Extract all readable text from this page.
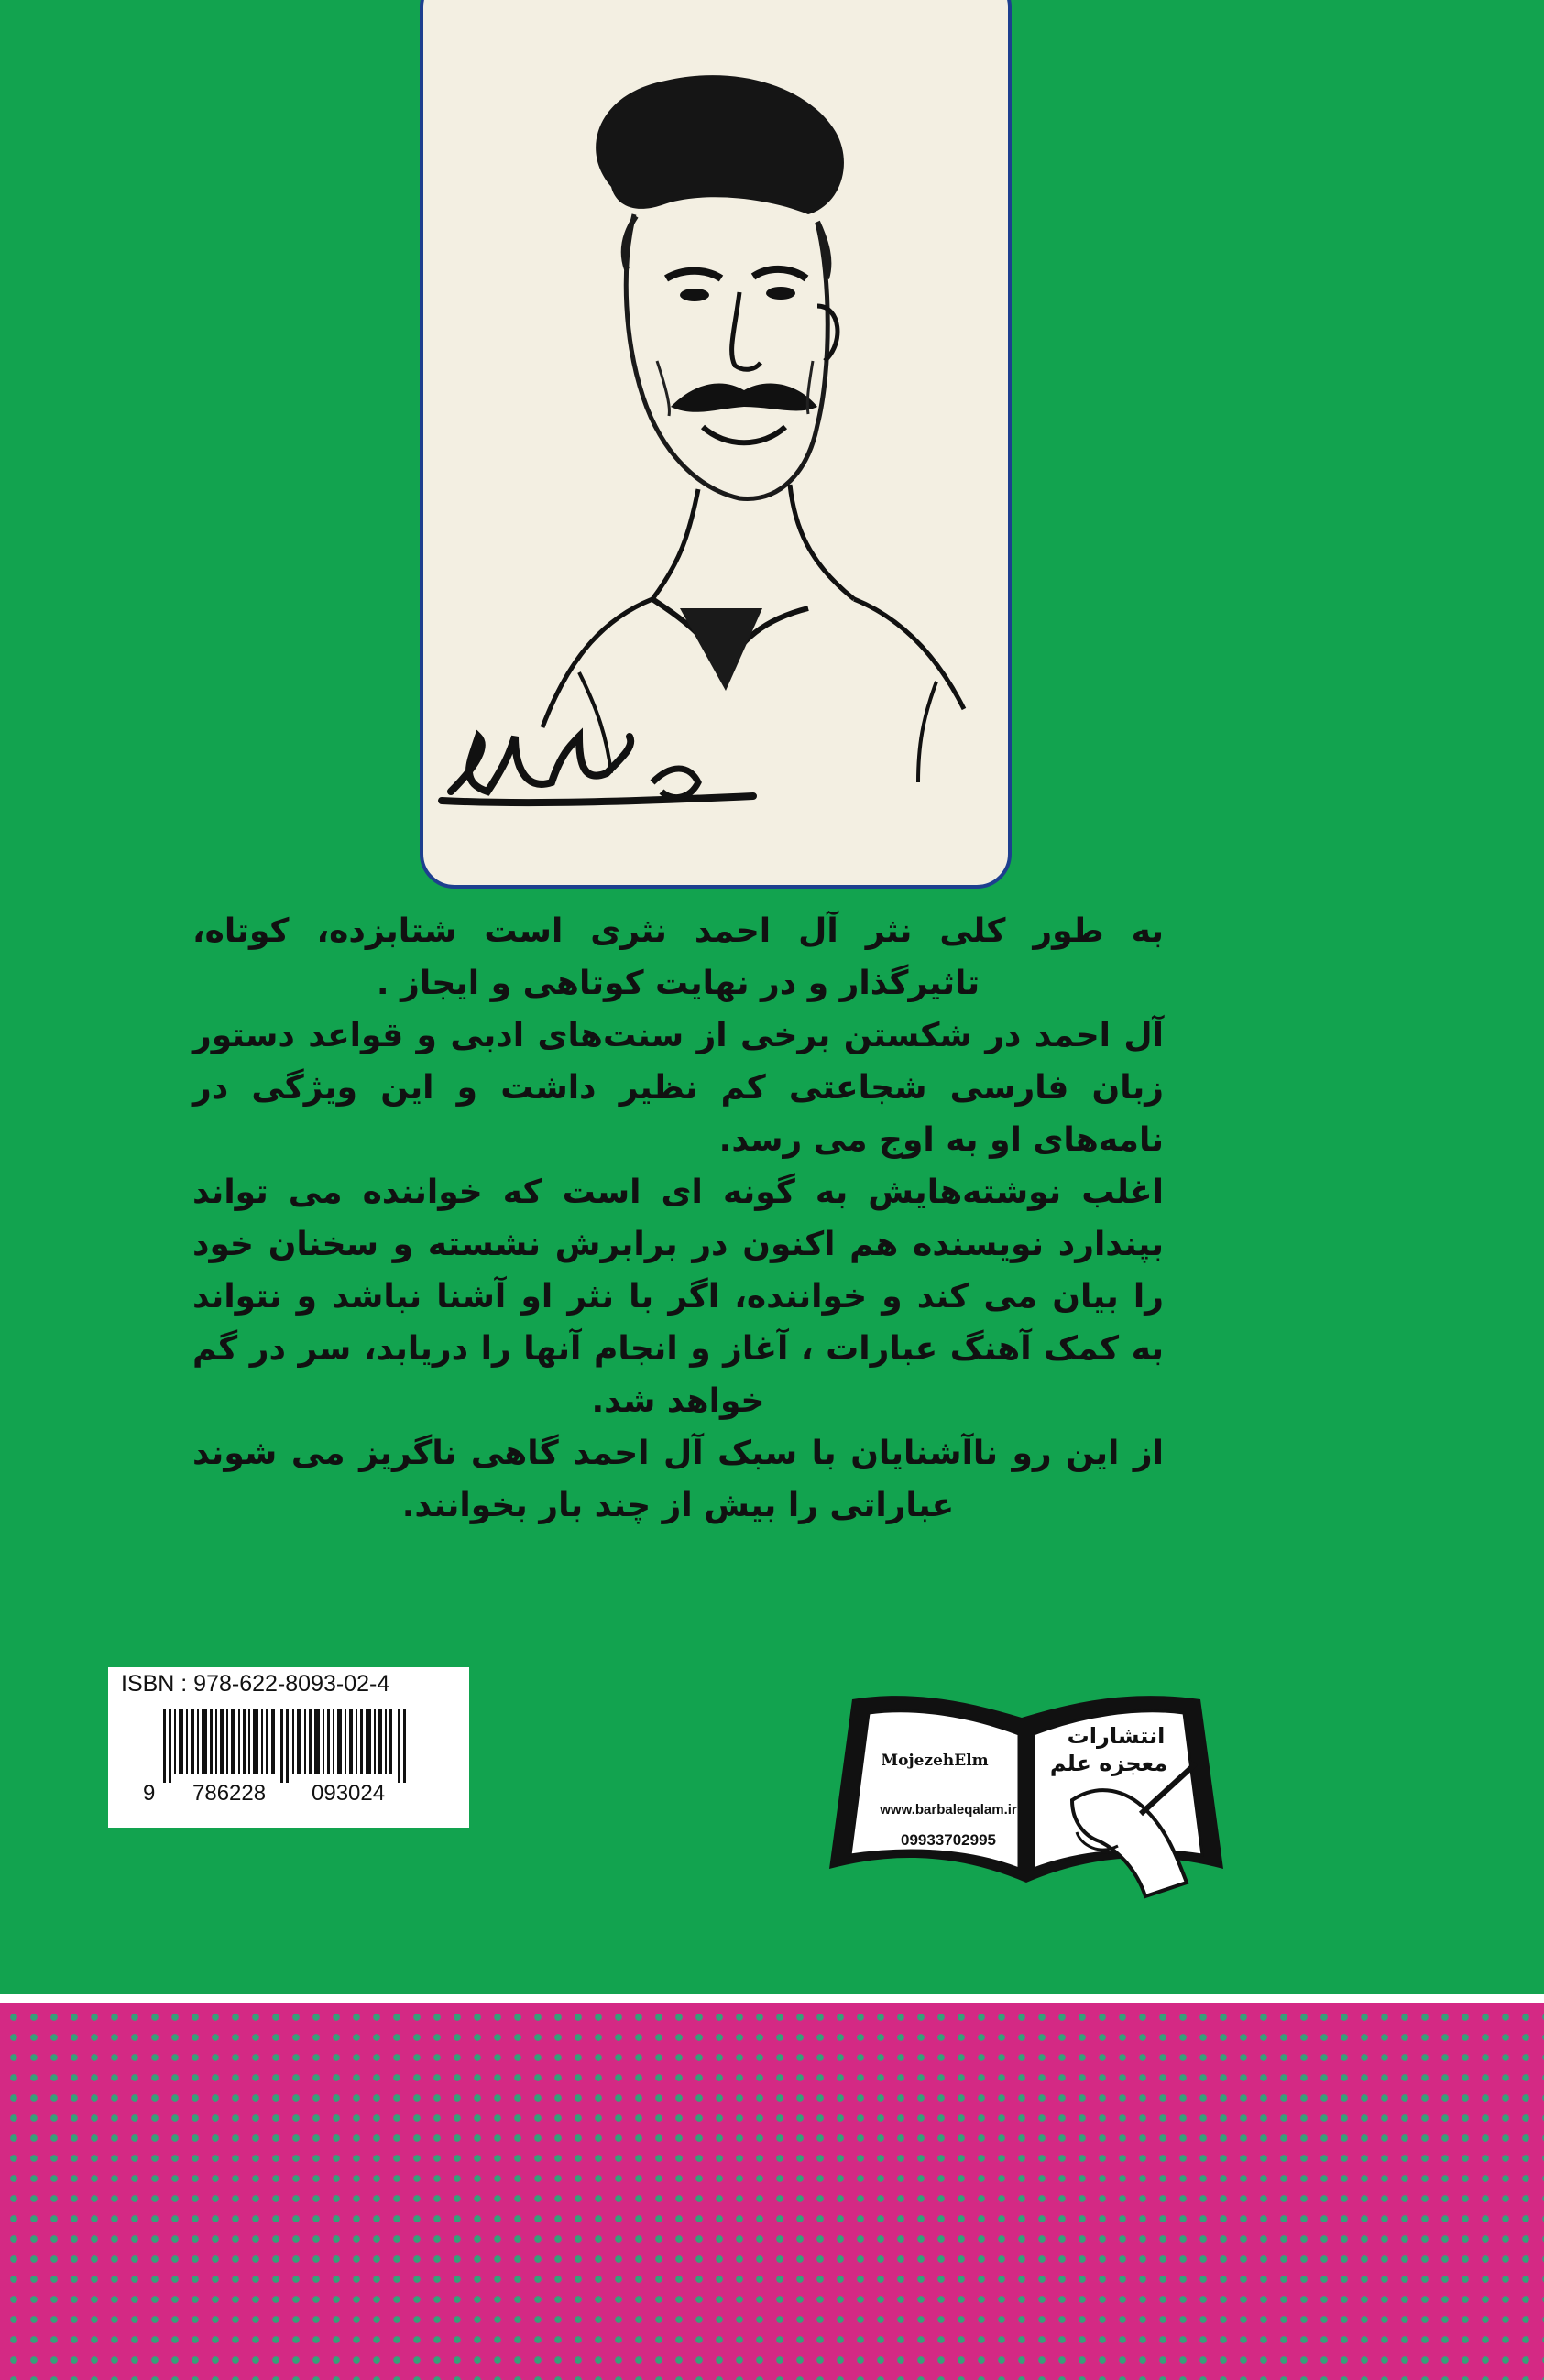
به طور کلی نثر آل احمد نثری است شتابزده، کوتاه، تاثیرگذار و در نهایت کوتاهی و ایجاز .

آل احمد در شکستن برخی از سنت‌های ادبی و قواعد دستور زبان فارسی شجاعتی کم نظیر داشت و این ویژگی در نامه‌های او به اوج می رسد.

اغلب نوشته‌هایش به گونه ای است که خواننده می تواند بپندارد نویسنده هم اکنون در برابرش نشسته و سخنان خود را بیان می کند و خواننده، اگر با نثر او آشنا نباشد و نتواند به کمک آهنگ عبارات ، آغاز و انجام آنها را دریابد، سر در گم خواهد شد.

از این رو ناآشنایان با سبک آل احمد گاهی ناگریز می شوند عباراتی را بیش از چند بار بخوانند.

ISBN : 978-622-8093-02-4
9 786228 093024
انتشارات
معجزه علم
MojezehElm
www.barbaleqalam.ir
09933702995
